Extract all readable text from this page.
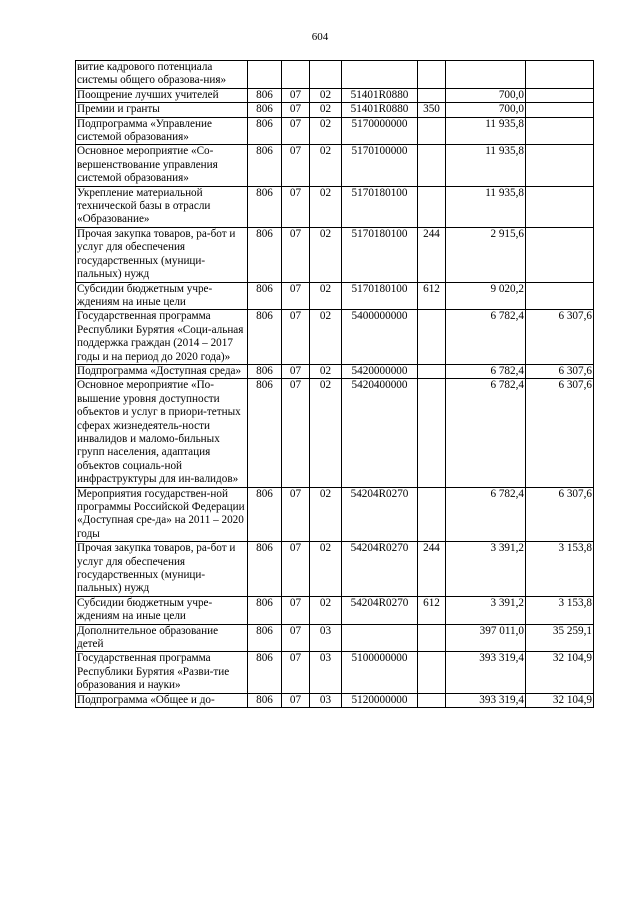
604
витие кадрового потенциала системы общего образова-ния»							
Поощрение лучших учителей	806	07	02	51401R0880		700,0	
Премии и гранты	806	07	02	51401R0880	350	700,0	
Подпрограмма «Управление системой образования»	806	07	02	5170000000		11 935,8	
Основное мероприятие «Со-вершенствование управления системой образования»	806	07	02	5170100000		11 935,8	
Укрепление материальной технической базы в отрасли «Образование»	806	07	02	5170180100		11 935,8	
Прочая закупка товаров, ра-бот и услуг для обеспечения государственных (муници-пальных) нужд	806	07	02	5170180100	244	2 915,6	
Субсидии бюджетным учре-ждениям на иные цели	806	07	02	5170180100	612	9 020,2	
Государственная программа Республики Бурятия «Соци-альная поддержка граждан (2014 – 2017 годы и на период до 2020 года)»	806	07	02	5400000000		6 782,4	6 307,6
Подпрограмма «Доступная среда»	806	07	02	5420000000		6 782,4	6 307,6
Основное мероприятие «По-вышение уровня доступности объектов и услуг в приори-тетных сферах жизнедеятель-ности инвалидов и маломо-бильных групп населения, адаптация объектов социаль-ной инфраструктуры для ин-валидов»	806	07	02	5420400000		6 782,4	6 307,6
Мероприятия государствен-ной программы Российской Федерации «Доступная сре-да» на 2011 – 2020 годы	806	07	02	54204R0270		6 782,4	6 307,6
Прочая закупка товаров, ра-бот и услуг для обеспечения государственных (муници-пальных) нужд	806	07	02	54204R0270	244	3 391,2	3 153,8
Субсидии бюджетным учре-ждениям на иные цели	806	07	02	54204R0270	612	3 391,2	3 153,8
Дополнительное образование детей	806	07	03			397 011,0	35 259,1
Государственная программа Республики Бурятия «Разви-тие образования и науки»	806	07	03	5100000000		393 319,4	32 104,9
Подпрограмма «Общее и до-	806	07	03	5120000000		393 319,4	32 104,9
